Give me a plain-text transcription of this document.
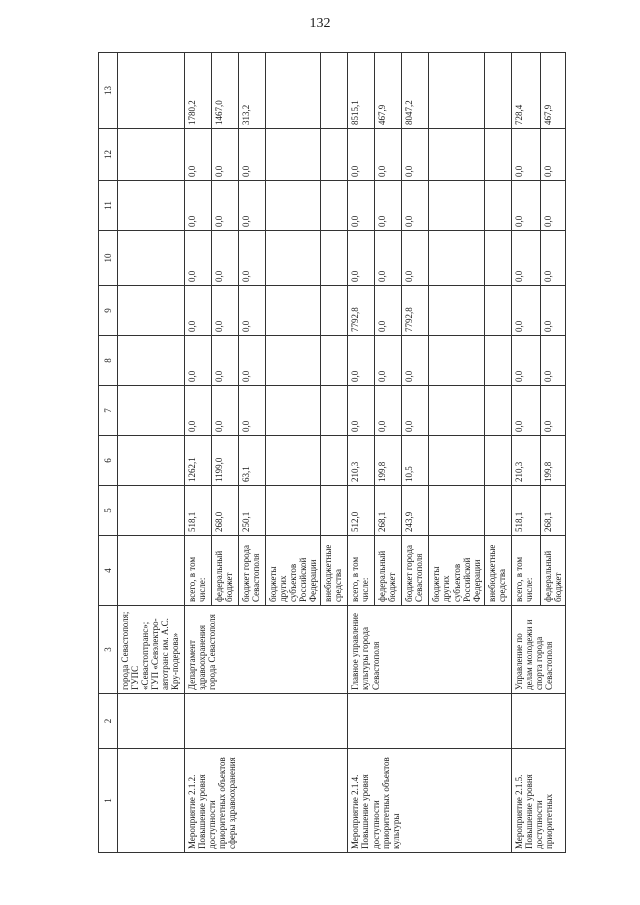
132
1	2	3	4	5	6	7	8	9	10	11	12	13
		города Севастополя; ГУПС «Севастоптранс»; ГУП «Севэлектро-автотранс им. А.С. Кру-подерова»										
Мероприятие 2.1.2. Повышение уровня доступности приоритетных объектов сферы здравоохранения		Департамент здравоохранения города Севастополя	всего, в том числе:	518,1	1262,1	0,0	0,0	0,0	0,0	0,0	0,0	1780,2
			федеральный бюджет	268,0	1199,0	0,0	0,0	0,0	0,0	0,0	0,0	1467,0
			бюджет города Севастополя	250,1	63,1	0,0	0,0	0,0	0,0	0,0	0,0	313,2
			бюджеты других субъектов Российской Федерации									
			внебюджетные средства									
Мероприятие 2.1.4. Повышение уровня доступности приоритетных объектов культуры		Главное управление культуры города Севастополя	всего, в том числе:	512,0	210,3	0,0	0,0	7792,8	0,0	0,0	0,0	8515,1
			федеральный бюджет	268,1	199,8	0,0	0,0	0,0	0,0	0,0	0,0	467,9
			бюджет города Севастополя	243,9	10,5	0,0	0,0	7792,8	0,0	0,0	0,0	8047,2
			бюджеты других субъектов Российской Федерации									
			внебюджетные средства									
Мероприятие 2.1.5. Повышение уровня доступности приоритетных		Управление по делам молодежи и спорта города Севастополя	всего, в том числе:	518,1	210,3	0,0	0,0	0,0	0,0	0,0	0,0	728,4
			федеральный бюджет	268,1	199,8	0,0	0,0	0,0	0,0	0,0	0,0	467,9
